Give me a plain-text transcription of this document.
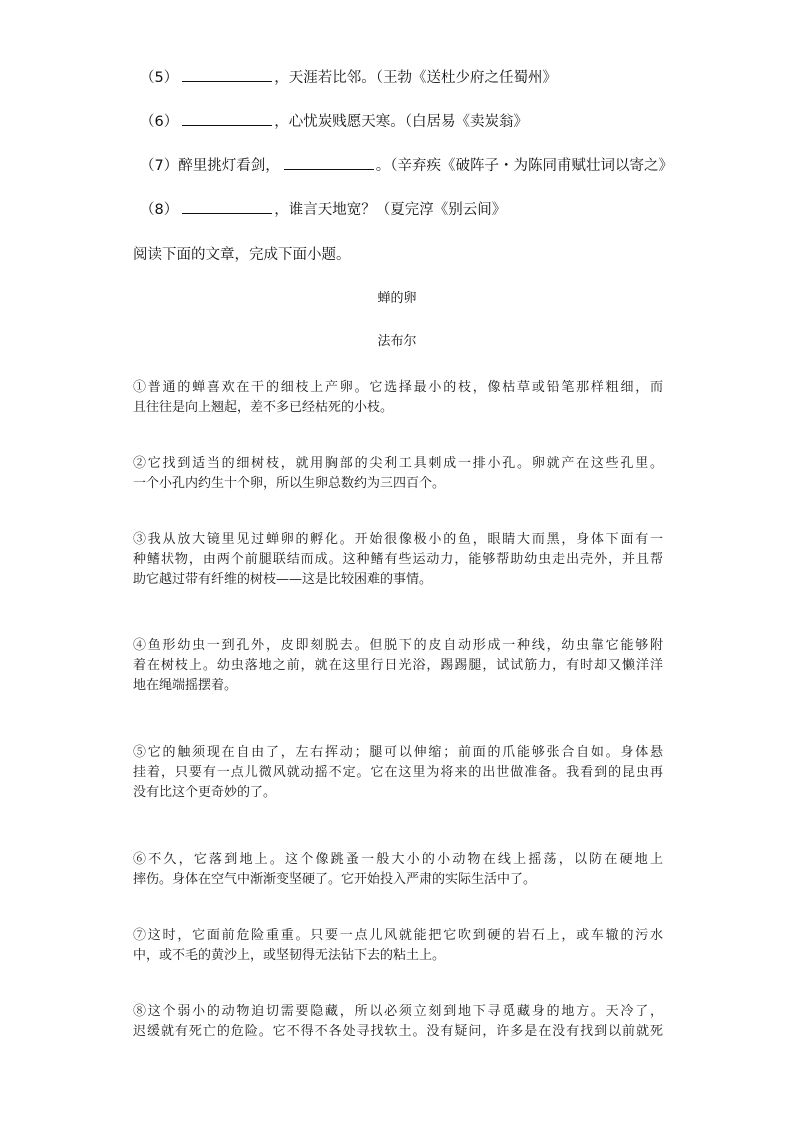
（5）	，天涯若比邻。（王勃《送杜少府之任蜀州》
（6）	，心忧炭贱愿天寒。（白居易《卖炭翁》
（7）醉里挑灯看剑，	。（辛弃疾《破阵子・为陈同甫赋壮词以寄之》
（8）	，谁言天地宽？（夏完淳《别云间》
阅读下面的文章，完成下面小题。
蝉的卵
法布尔
①普通的蝉喜欢在干的细枝上产卵。它选择最小的枝，像枯草或铅笔那样粗细，而
且往往是向上翘起，差不多已经枯死的小枝。
②它找到适当的细树枝，就用胸部的尖利工具刺成一排小孔。卵就产在这些孔里。
一个小孔内约生十个卵，所以生卵总数约为三四百个。
③我从放大镜里见过蝉卵的孵化。开始很像极小的鱼，眼睛大而黑，身体下面有一
种鳍状物，由两个前腿联结而成。这种鳍有些运动力，能够帮助幼虫走出壳外，并且帮
助它越过带有纤维的树枝——这是比较困难的事情。
④鱼形幼虫一到孔外，皮即刻脱去。但脱下的皮自动形成一种线，幼虫靠它能够附
着在树枝上。幼虫落地之前，就在这里行日光浴，踢踢腿，试试筋力，有时却又懒洋洋
地在绳端摇摆着。
⑤它的触须现在自由了，左右挥动；腿可以伸缩；前面的爪能够张合自如。身体悬
挂着，只要有一点儿微风就动摇不定。它在这里为将来的出世做准备。我看到的昆虫再
没有比这个更奇妙的了。
⑥不久，它落到地上。这个像跳蚤一般大小的小动物在线上摇荡，以防在硬地上
摔伤。身体在空气中渐渐变坚硬了。它开始投入严肃的实际生活中了。
⑦这时，它面前危险重重。只要一点儿风就能把它吹到硬的岩石上，或车辙的污水
中，或不毛的黄沙上，或坚韧得无法钻下去的粘土上。
⑧这个弱小的动物迫切需要隐藏，所以必须立刻到地下寻觅藏身的地方。天冷了，
迟缓就有死亡的危险。它不得不各处寻找软土。没有疑问，许多是在没有找到以前就死
